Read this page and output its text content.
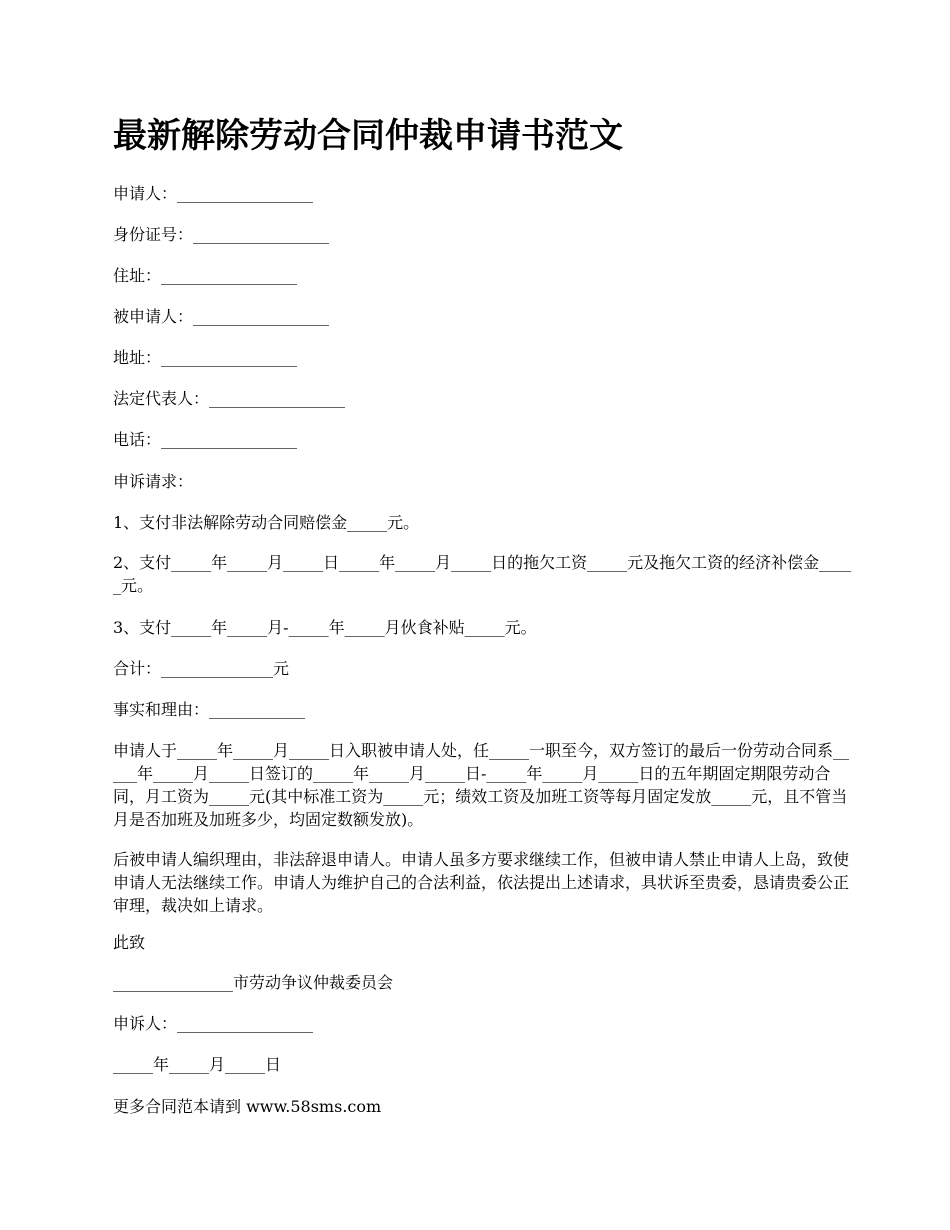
最新解除劳动合同仲裁申请书范文
申请人：_________________
身份证号：_________________
住址：_________________
被申请人：_________________
地址：_________________
法定代表人：_________________
电话：_________________
申诉请求：
1、支付非法解除劳动合同赔偿金_____元。
2、支付_____年_____月_____日_____年_____月_____日的拖欠工资_____元及拖欠工资的经济补偿金_____元。
3、支付_____年_____月-_____年_____月伙食补贴_____元。
合计：______________元
事实和理由：____________
申请人于_____年_____月_____日入职被申请人处，任_____一职至今，双方签订的最后一份劳动合同系_____年_____月_____日签订的_____年_____月_____日-_____年_____月_____日的五年期固定期限劳动合同，月工资为_____元(其中标准工资为_____元；绩效工资及加班工资等每月固定发放_____元，且不管当月是否加班及加班多少，均固定数额发放)。
后被申请人编织理由，非法辞退申请人。申请人虽多方要求继续工作，但被申请人禁止申请人上岛，致使申请人无法继续工作。申请人为维护自己的合法利益，依法提出上述请求，具状诉至贵委，恳请贵委公正审理，裁决如上请求。
此致
_______________市劳动争议仲裁委员会
申诉人：_________________
_____年_____月_____日
更多合同范本请到 www.58sms.com
